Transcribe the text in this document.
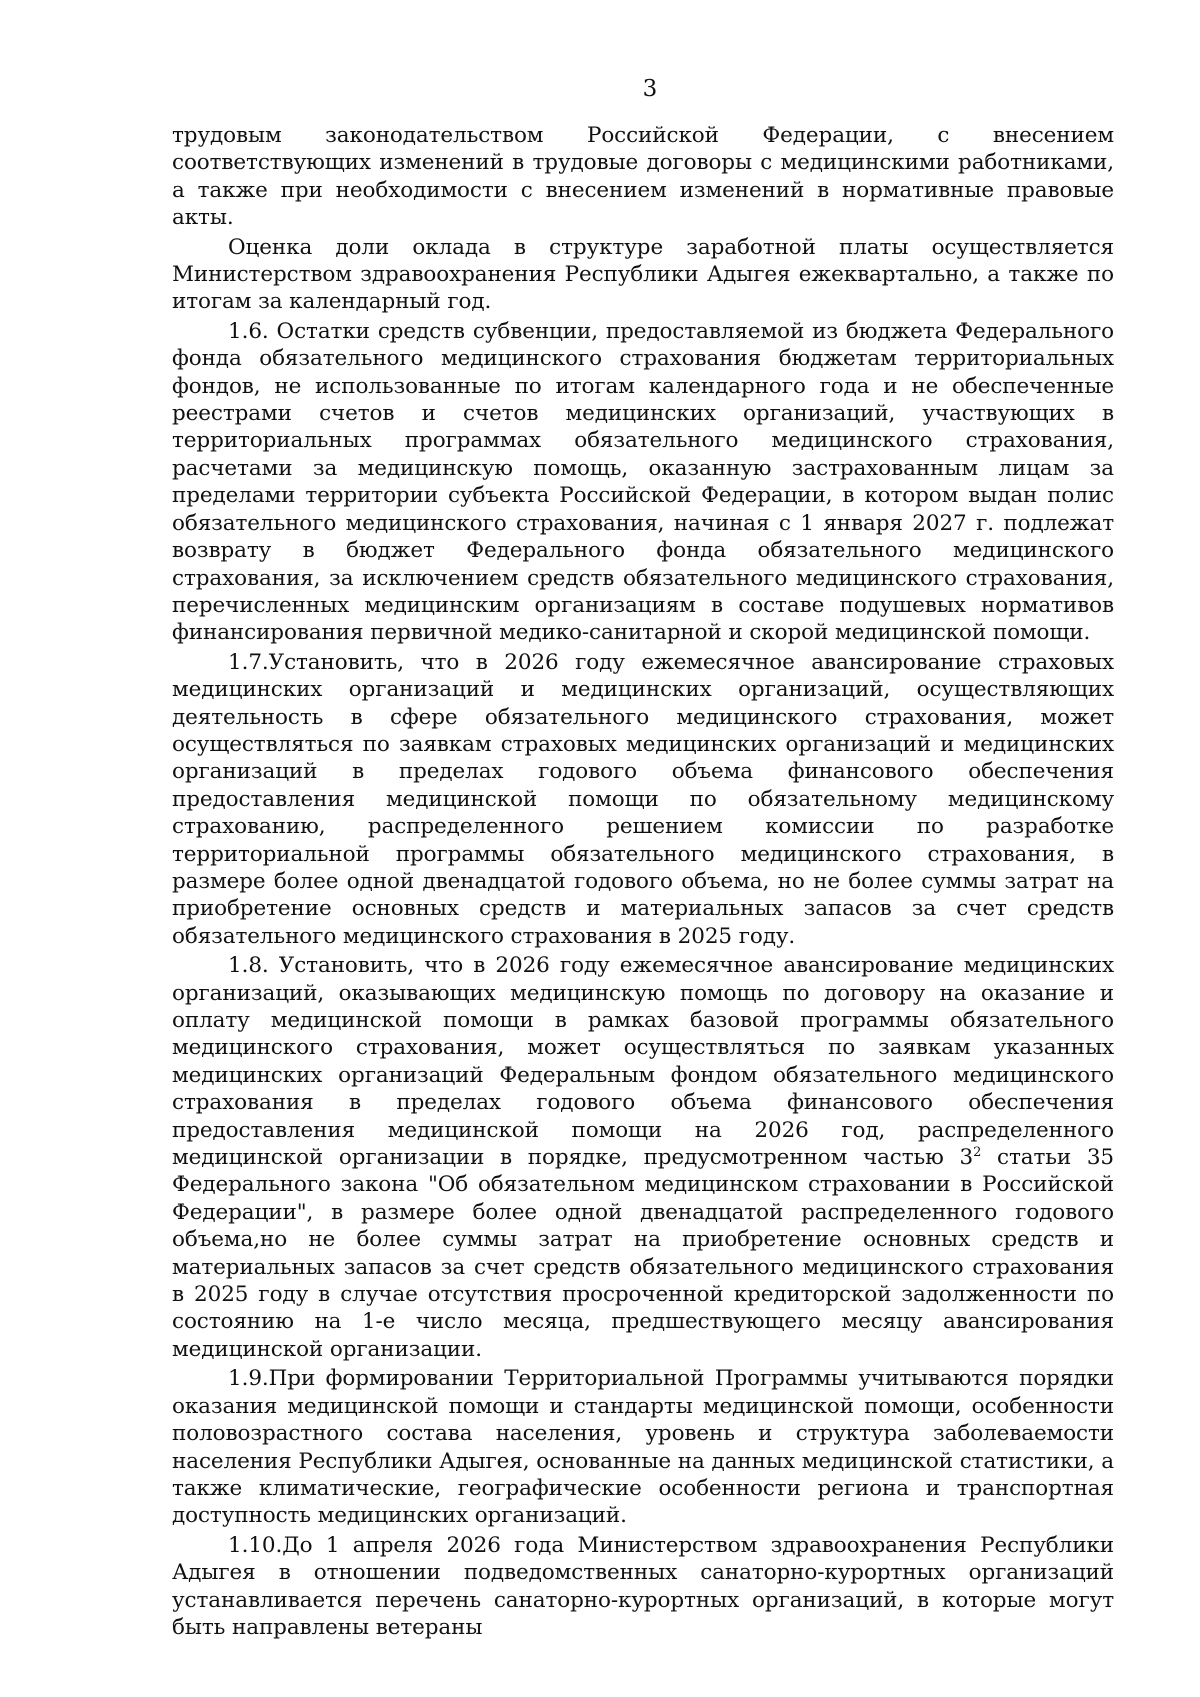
3

трудовым законодательством Российской Федерации, с внесением соответствующих изменений в трудовые договоры с медицинскими работниками, а также при необходимости с внесением изменений в нормативные правовые акты.

Оценка доли оклада в структуре заработной платы осуществляется Министерством здравоохранения Республики Адыгея ежеквартально, а также по итогам за календарный год.

1.6. Остатки средств субвенции, предоставляемой из бюджета Федерального фонда обязательного медицинского страхования бюджетам территориальных фондов, не использованные по итогам календарного года и не обеспеченные реестрами счетов и счетов медицинских организаций, участвующих в территориальных программах обязательного медицинского страхования, расчетами за медицинскую помощь, оказанную застрахованным лицам за пределами территории субъекта Российской Федерации, в котором выдан полис обязательного медицинского страхования, начиная с 1 января 2027 г. подлежат возврату в бюджет Федерального фонда обязательного медицинского страхования, за исключением средств обязательного медицинского страхования, перечисленных медицинским организациям в составе подушевых нормативов финансирования первичной медико-санитарной и скорой медицинской помощи.

1.7.Установить, что в 2026 году ежемесячное авансирование страховых медицинских организаций и медицинских организаций, осуществляющих деятельность в сфере обязательного медицинского страхования, может осуществляться по заявкам страховых медицинских организаций и медицинских организаций в пределах годового объема финансового обеспечения предоставления медицинской помощи по обязательному медицинскому страхованию, распределенного решением комиссии по разработке территориальной программы обязательного медицинского страхования, в размере более одной двенадцатой годового объема, но не более суммы затрат на приобретение основных средств и материальных запасов за счет средств обязательного медицинского страхования в 2025 году.

1.8. Установить, что в 2026 году ежемесячное авансирование медицинских организаций, оказывающих медицинскую помощь по договору на оказание и оплату медицинской помощи в рамках базовой программы обязательного медицинского страхования, может осуществляться по заявкам указанных медицинских организаций Федеральным фондом обязательного медицинского страхования в пределах годового объема финансового обеспечения предоставления медицинской помощи на 2026 год, распределенного медицинской организации в порядке, предусмотренном частью $3^2$ статьи 35 Федерального закона "Об обязательном медицинском страховании в Российской Федерации", в размере более одной двенадцатой распределенного годового объема,но не более суммы затрат на приобретение основных средств и материальных запасов за счет средств обязательного медицинского страхования в 2025 году в случае отсутствия просроченной кредиторской задолженности по состоянию на 1-е число месяца, предшествующего месяцу авансирования медицинской организации.

1.9.При формировании Территориальной Программы учитываются порядки оказания медицинской помощи и стандарты медицинской помощи, особенности половозрастного состава населения, уровень и структура заболеваемости населения Республики Адыгея, основанные на данных медицинской статистики, а также климатические, географические особенности региона и транспортная доступность медицинских организаций.

1.10.До 1 апреля 2026 года Министерством здравоохранения Республики Адыгея в отношении подведомственных санаторно-курортных организаций устанавливается перечень санаторно-курортных организаций, в которые могут быть направлены ветераны
